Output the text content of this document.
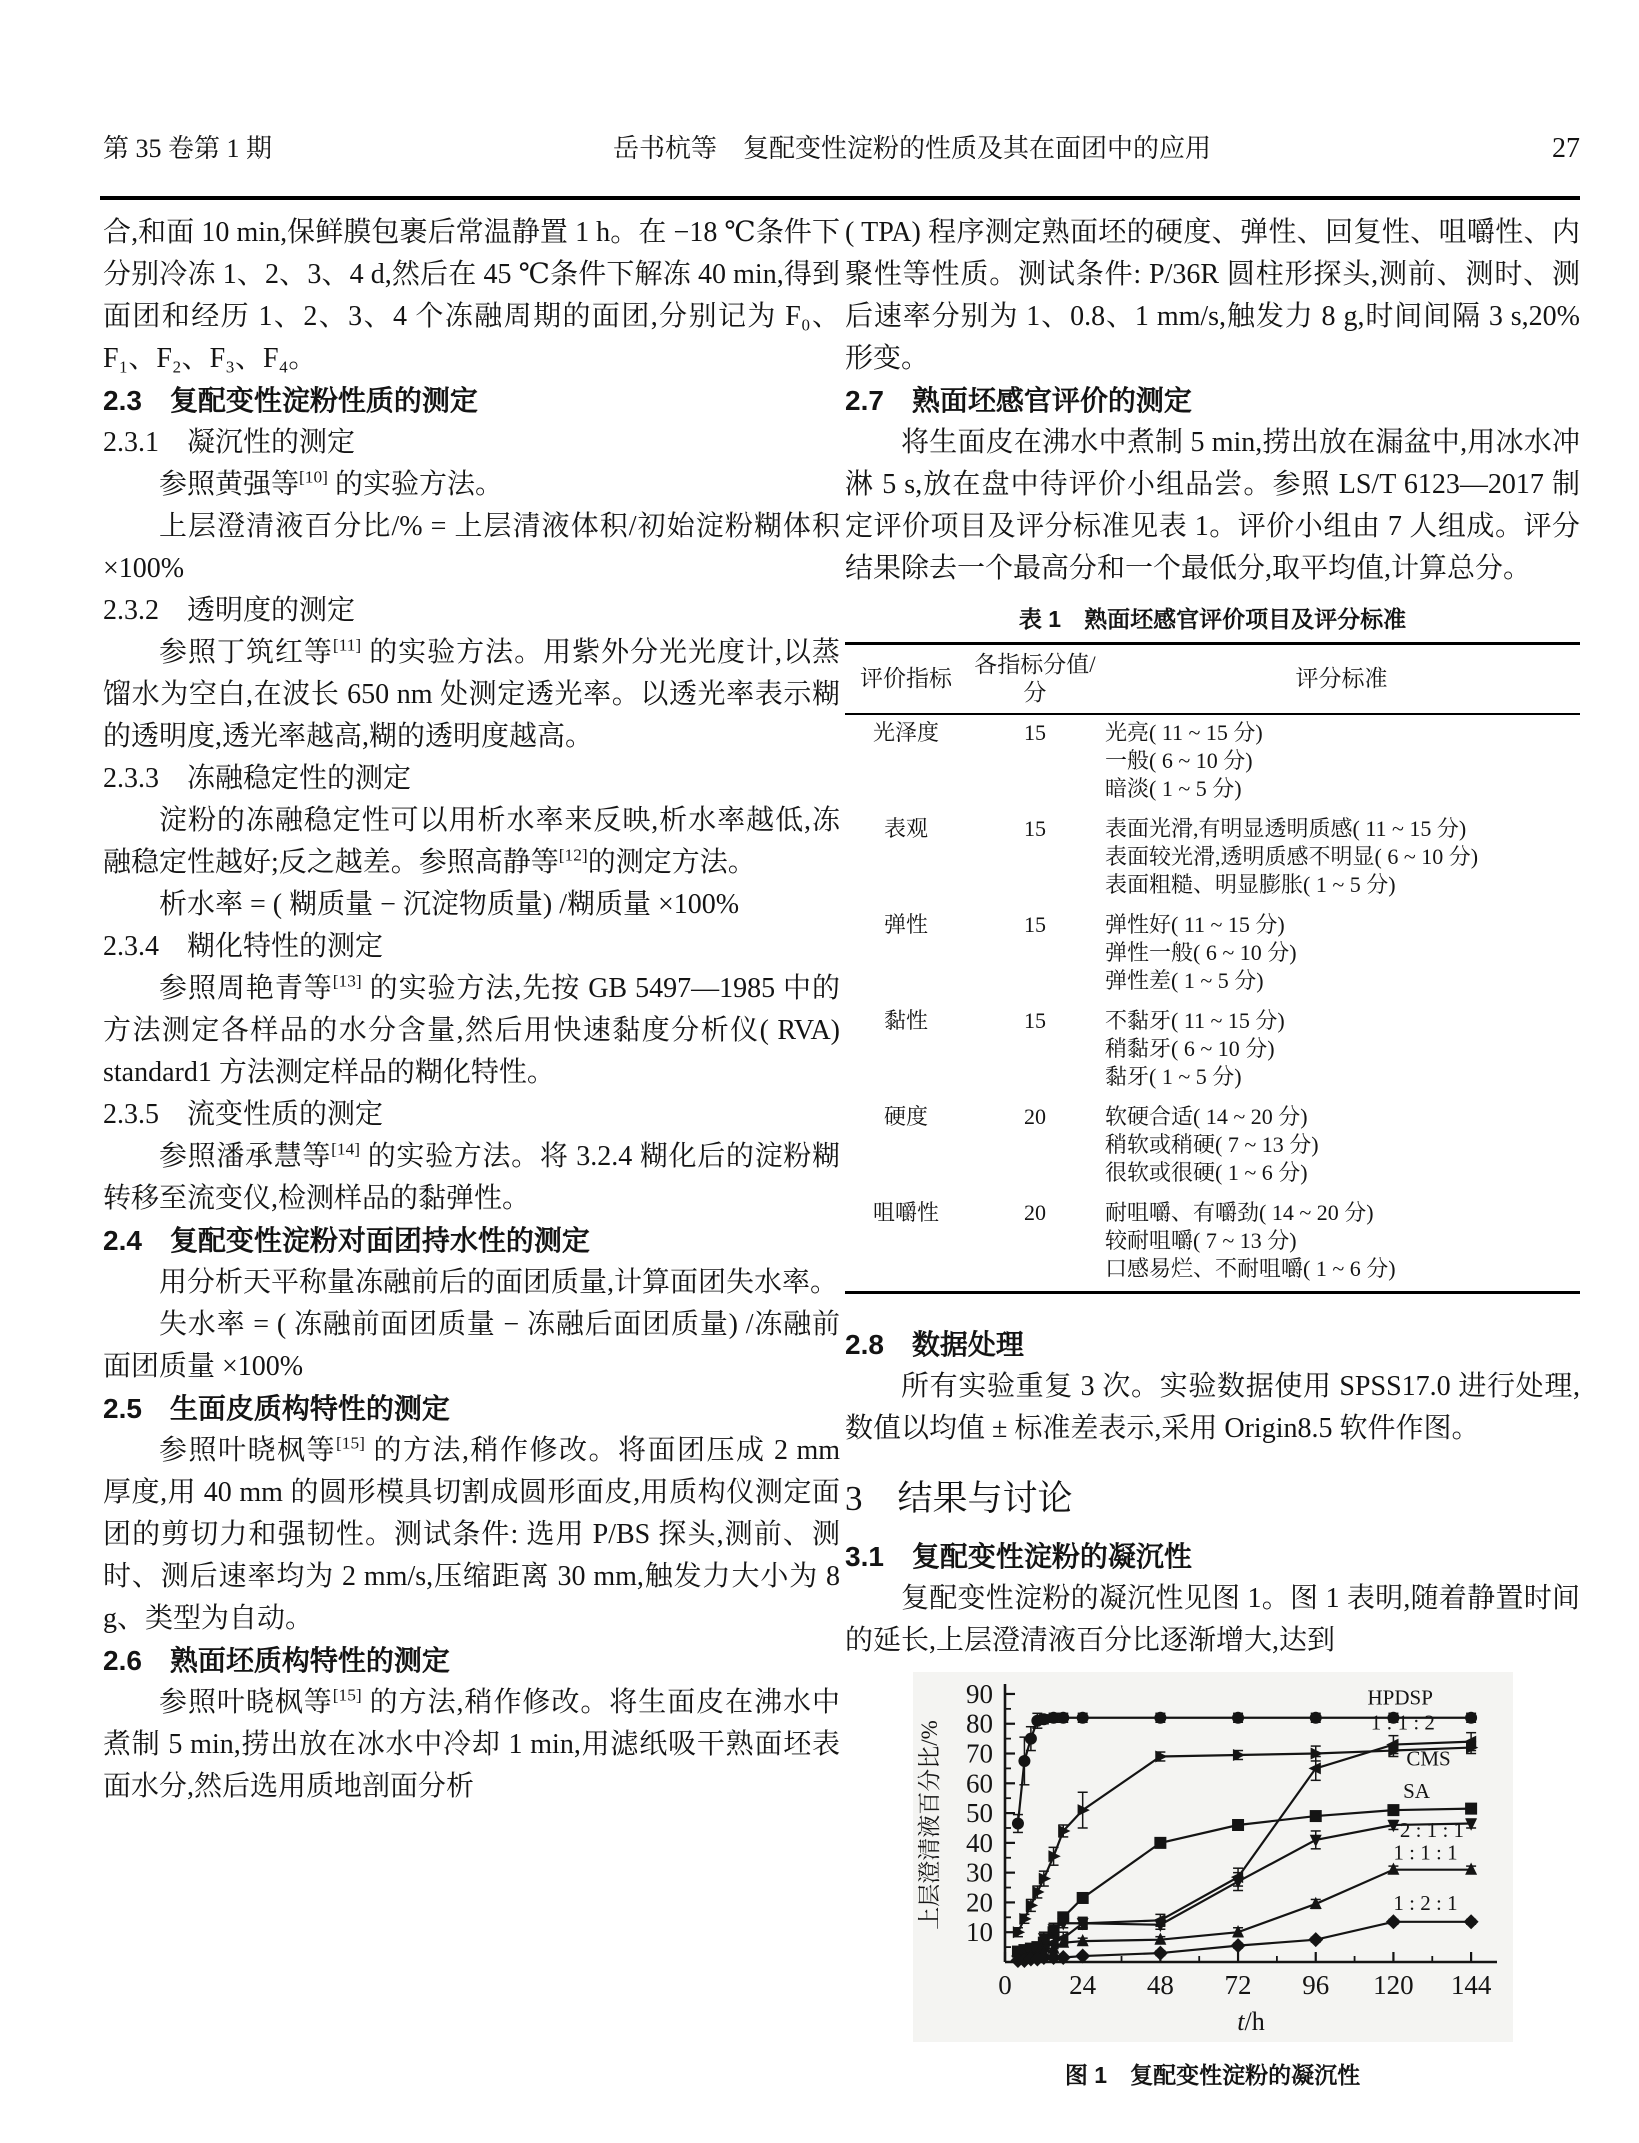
第 35 卷第 1 期	岳书杭等　复配变性淀粉的性质及其在面团中的应用	27

合,和面 10 min,保鲜膜包裹后常温静置 1 h。在 −18 ℃条件下分别冷冻 1、2、3、4 d,然后在 45 ℃条件下解冻 40 min,得到面团和经历 1、2、3、4 个冻融周期的面团,分别记为 F₀、F₁、F₂、F₃、F₄。

2.3　复配变性淀粉性质的测定

2.3.1　凝沉性的测定

参照黄强等[10] 的实验方法。

上层澄清液百分比/% = 上层清液体积/初始淀粉糊体积 ×100%

2.3.2　透明度的测定

参照丁筑红等[11] 的实验方法。用紫外分光光度计,以蒸馏水为空白,在波长 650 nm 处测定透光率。以透光率表示糊的透明度,透光率越高,糊的透明度越高。

2.3.3　冻融稳定性的测定

淀粉的冻融稳定性可以用析水率来反映,析水率越低,冻融稳定性越好;反之越差。参照高静等[12]的测定方法。

析水率 = ( 糊质量 − 沉淀物质量) /糊质量 ×100%

2.3.4　糊化特性的测定

参照周艳青等[13] 的实验方法,先按 GB 5497—1985 中的方法测定各样品的水分含量,然后用快速黏度分析仪( RVA) standard1 方法测定样品的糊化特性。

2.3.5　流变性质的测定

参照潘承慧等[14] 的实验方法。将 3.2.4 糊化后的淀粉糊转移至流变仪,检测样品的黏弹性。

2.4　复配变性淀粉对面团持水性的测定

用分析天平称量冻融前后的面团质量,计算面团失水率。

失水率 = ( 冻融前面团质量 − 冻融后面团质量) /冻融前面团质量 ×100%

2.5　生面皮质构特性的测定

参照叶晓枫等[15] 的方法,稍作修改。将面团压成 2 mm 厚度,用 40 mm 的圆形模具切割成圆形面皮,用质构仪测定面团的剪切力和强韧性。测试条件: 选用 P/BS 探头,测前、测时、测后速率均为 2 mm/s,压缩距离 30 mm,触发力大小为 8 g、类型为自动。

2.6　熟面坯质构特性的测定

参照叶晓枫等[15] 的方法,稍作修改。将生面皮在沸水中煮制 5 min,捞出放在冰水中冷却 1 min,用滤纸吸干熟面坯表面水分,然后选用质地剖面分析

( TPA) 程序测定熟面坯的硬度、弹性、回复性、咀嚼性、内聚性等性质。测试条件: P/36R 圆柱形探头,测前、测时、测后速率分别为 1、0.8、1 mm/s,触发力 8 g,时间间隔 3 s,20%形变。

2.7　熟面坯感官评价的测定

将生面皮在沸水中煮制 5 min,捞出放在漏盆中,用冰水冲淋 5 s,放在盘中待评价小组品尝。参照 LS/T 6123—2017 制定评价项目及评分标准见表 1。评价小组由 7 人组成。评分结果除去一个最高分和一个最低分,取平均值,计算总分。

表 1　熟面坯感官评价项目及评分标准
评价指标	各指标分值/分	评分标准
光泽度	15	光亮( 11 ~ 15 分)
一般( 6 ~ 10 分)
暗淡( 1 ~ 5 分)

表观	15	表面光滑,有明显透明质感( 11 ~ 15 分)
表面较光滑,透明质感不明显( 6 ~ 10 分)
表面粗糙、明显膨胀( 1 ~ 5 分)

弹性	15	弹性好( 11 ~ 15 分)
弹性一般( 6 ~ 10 分)
弹性差( 1 ~ 5 分)

黏性	15	不黏牙( 11 ~ 15 分)
稍黏牙( 6 ~ 10 分)
黏牙( 1 ~ 5 分)

硬度	20	软硬合适( 14 ~ 20 分)
稍软或稍硬( 7 ~ 13 分)
很软或很硬( 1 ~ 6 分)

咀嚼性	20	耐咀嚼、有嚼劲( 14 ~ 20 分)
较耐咀嚼( 7 ~ 13 分)
口感易烂、不耐咀嚼( 1 ~ 6 分)

2.8　数据处理

所有实验重复 3 次。实验数据使用 SPSS17.0 进行处理,数值以均值 ± 标准差表示,采用 Origin8.5 软件作图。

3　结果与讨论

3.1　复配变性淀粉的凝沉性

复配变性淀粉的凝沉性见图 1。图 1 表明,随着静置时间的延长,上层澄清液百分比逐渐增大,达到

0 24 48 72 96 120 144
10
20
30
40
50
60
70
80
90
上层澄清液百分比/%
t/h
HPDSP
1 : 1 : 2
CMS
SA
2 : 1 : 1
1 : 1 : 1
1 : 2 : 1
图 1　复配变性淀粉的凝沉性
